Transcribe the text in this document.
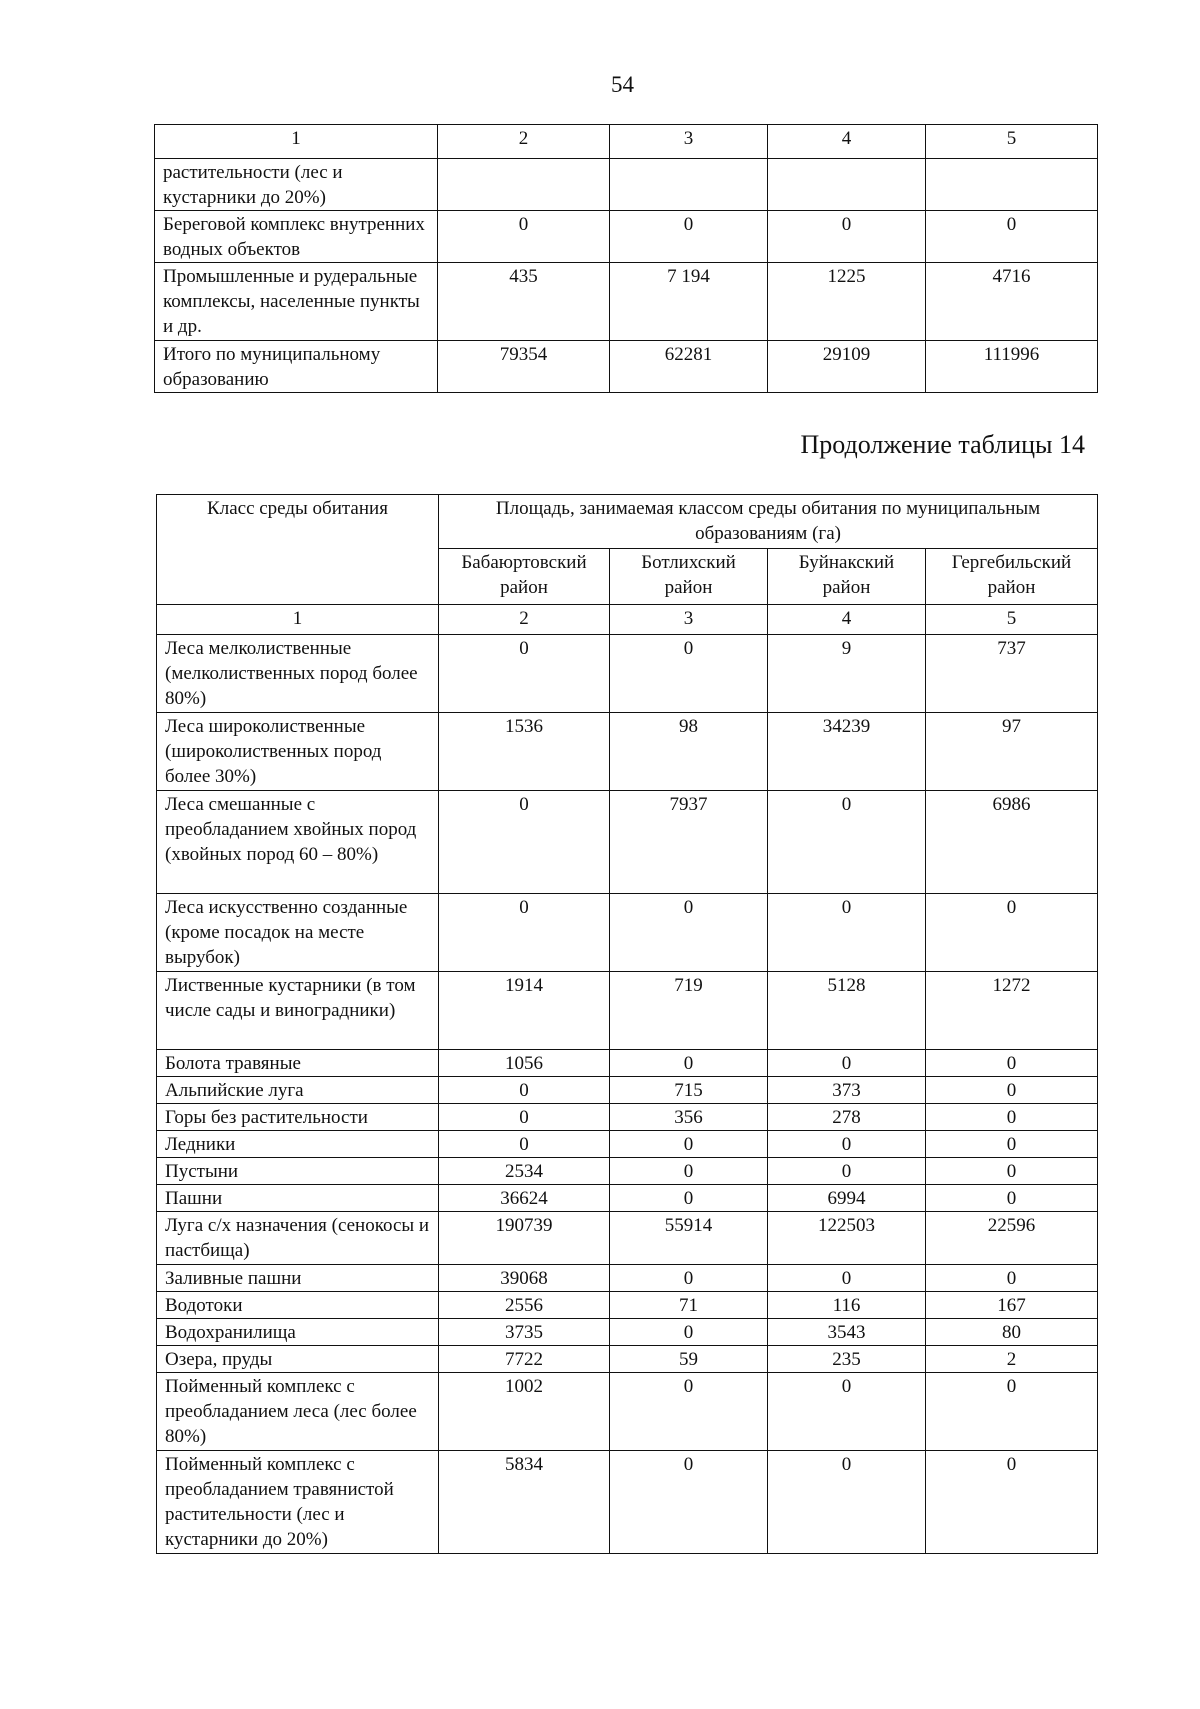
54
1	2	3	4	5
растительности (лес и кустарники до 20%)				
Береговой комплекс внутренних водных объектов	0	0	0	0
Промышленные и рудеральные комплексы, населенные пункты и др.	435	7 194	1225	4716
Итого по муниципальному образованию	79354	62281	29109	111996
Продолжение таблицы 14
Класс среды обитания	Площадь, занимаемая классом среды обитания по муниципальным образованиям (га)			
	Бабаюртовский район	Ботлихский район	Буйнакский район	Гергебильский район
1	2	3	4	5
Леса мелколиственные (мелколиственных пород более 80%)	0	0	9	737
Леса широколиственные (широколиственных пород более 30%)	1536	98	34239	97
Леса смешанные с преобладанием хвойных пород (хвойных пород 60 – 80%)	0	7937	0	6986
Леса искусственно созданные (кроме посадок на месте вырубок)	0	0	0	0
Лиственные кустарники (в том числе сады и виноградники)	1914	719	5128	1272
Болота травяные	1056	0	0	0
Альпийские луга	0	715	373	0
Горы без растительности	0	356	278	0
Ледники	0	0	0	0
Пустыни	2534	0	0	0
Пашни	36624	0	6994	0
Луга с/х назначения (сенокосы и пастбища)	190739	55914	122503	22596
Заливные пашни	39068	0	0	0
Водотоки	2556	71	116	167
Водохранилища	3735	0	3543	80
Озера, пруды	7722	59	235	2
Пойменный комплекс с преобладанием леса (лес более 80%)	1002	0	0	0
Пойменный комплекс с преобладанием травянистой растительности (лес и кустарники до 20%)	5834	0	0	0
